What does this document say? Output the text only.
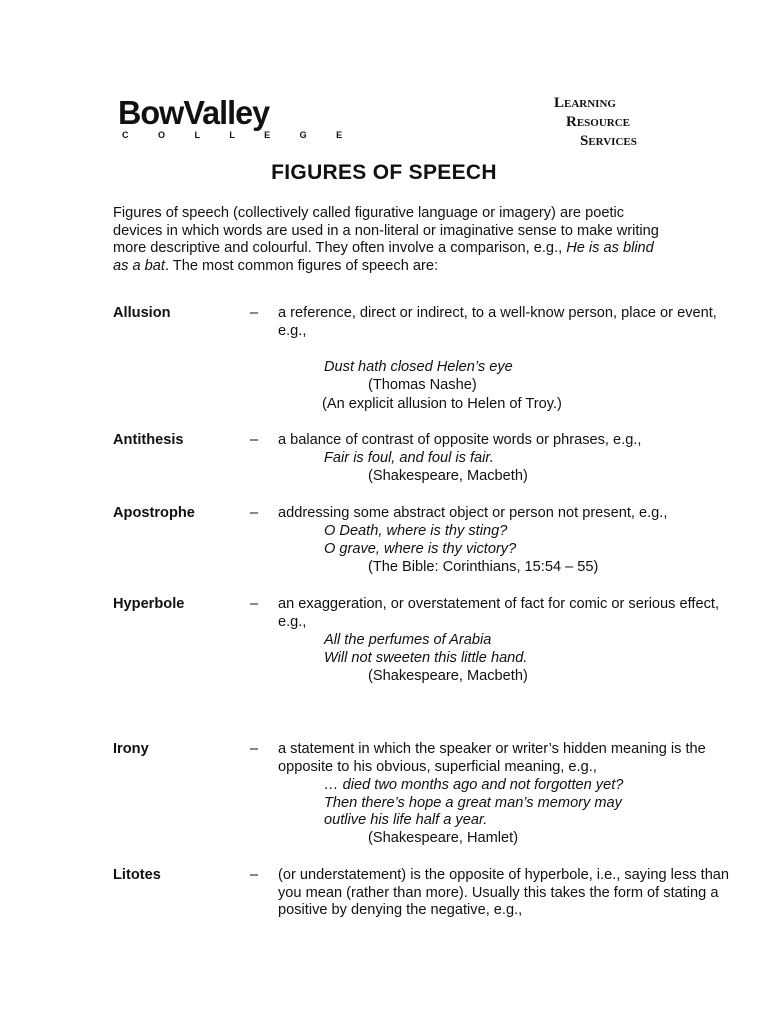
BowValley
C O L L E G E
Learning
Resource
Services
FIGURES OF SPEECH
Figures of speech (collectively called figurative language or imagery) are poetic devices in which words are used in a non-literal or imaginative sense to make writing more descriptive and colourful. They often involve a comparison, e.g., He is as blind as a bat. The most common figures of speech are:
Allusion	– a reference, direct or indirect, to a well-know person, place or event, e.g.,
Dust hath closed Helen’s eye
(Thomas Nashe)
(An explicit allusion to Helen of Troy.)
Antithesis	– a balance of contrast of opposite words or phrases, e.g.,
Fair is foul, and foul is fair.
(Shakespeare, Macbeth)
Apostrophe	– addressing some abstract object or person not present, e.g.,
O Death, where is thy sting?
O grave, where is thy victory?
(The Bible: Corinthians, 15:54 – 55)
Hyperbole	– an exaggeration, or overstatement of fact for comic or serious effect, e.g.,
All the perfumes of Arabia
Will not sweeten this little hand.
(Shakespeare, Macbeth)
Irony	– a statement in which the speaker or writer’s hidden meaning is the opposite to his obvious, superficial meaning, e.g.,
… died two months ago and not forgotten yet?
Then there’s hope a great man’s memory may
outlive his life half a year.
(Shakespeare, Hamlet)
Litotes	– (or understatement) is the opposite of hyperbole, i.e., saying less than you mean (rather than more). Usually this takes the form of stating a positive by denying the negative, e.g.,
